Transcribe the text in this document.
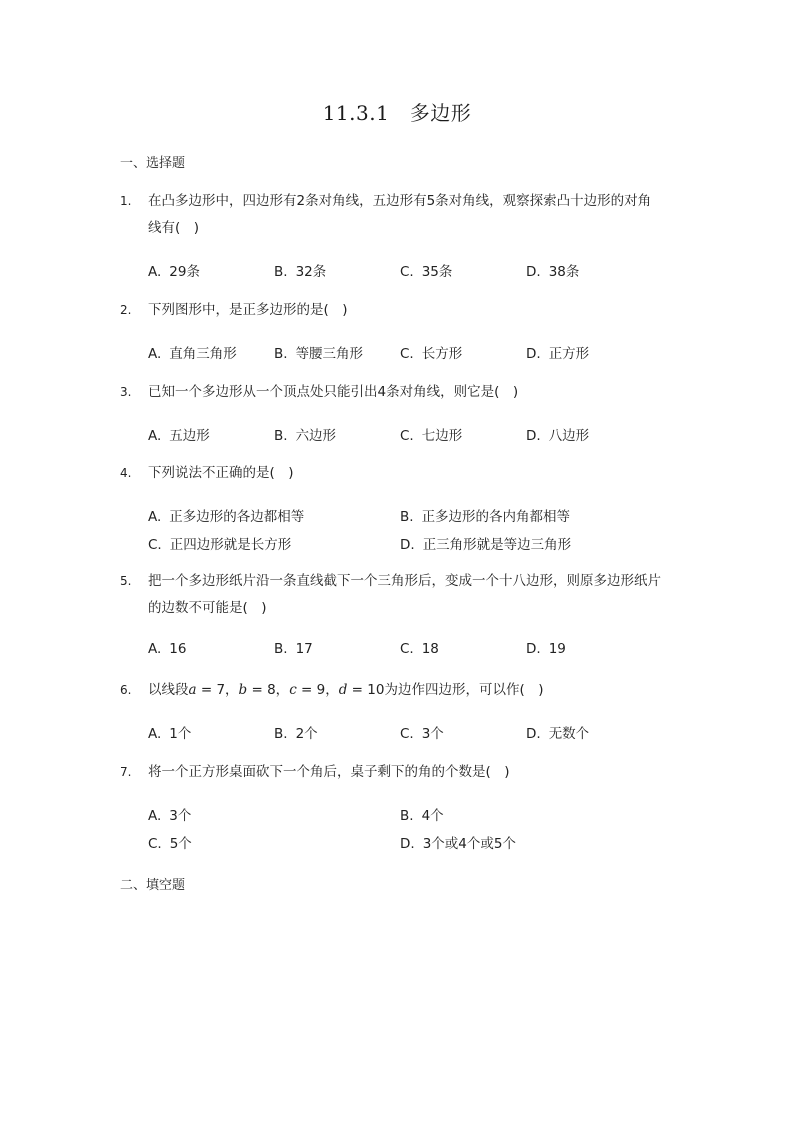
11.3.1　多边形
一、选择题
1.	在凸多边形中，四边形有2条对角线，五边形有5条对角线，观察探索凸十边形的对角
线有(　)
A. 29条	B. 32条	C. 35条	D. 38条
2.	下列图形中，是正多边形的是(　)
A. 直角三角形	B. 等腰三角形	C. 长方形	D. 正方形
3.	已知一个多边形从一个顶点处只能引出4条对角线，则它是(　)
A. 五边形	B. 六边形	C. 七边形	D. 八边形
4.	下列说法不正确的是(　)
A. 正多边形的各边都相等	B. 正多边形的各内角都相等
C. 正四边形就是长方形	D. 正三角形就是等边三角形
5.	把一个多边形纸片沿一条直线截下一个三角形后，变成一个十八边形，则原多边形纸片
的边数不可能是(　)
A. 16	B. 17	C. 18	D. 19
6.	以线段a = 7，b = 8，c = 9，d = 10为边作四边形，可以作(　)
A. 1个	B. 2个	C. 3个	D. 无数个
7.	将一个正方形桌面砍下一个角后，桌子剩下的角的个数是(　)
A. 3个	B. 4个
C. 5个	D. 3个或4个或5个
二、填空题
